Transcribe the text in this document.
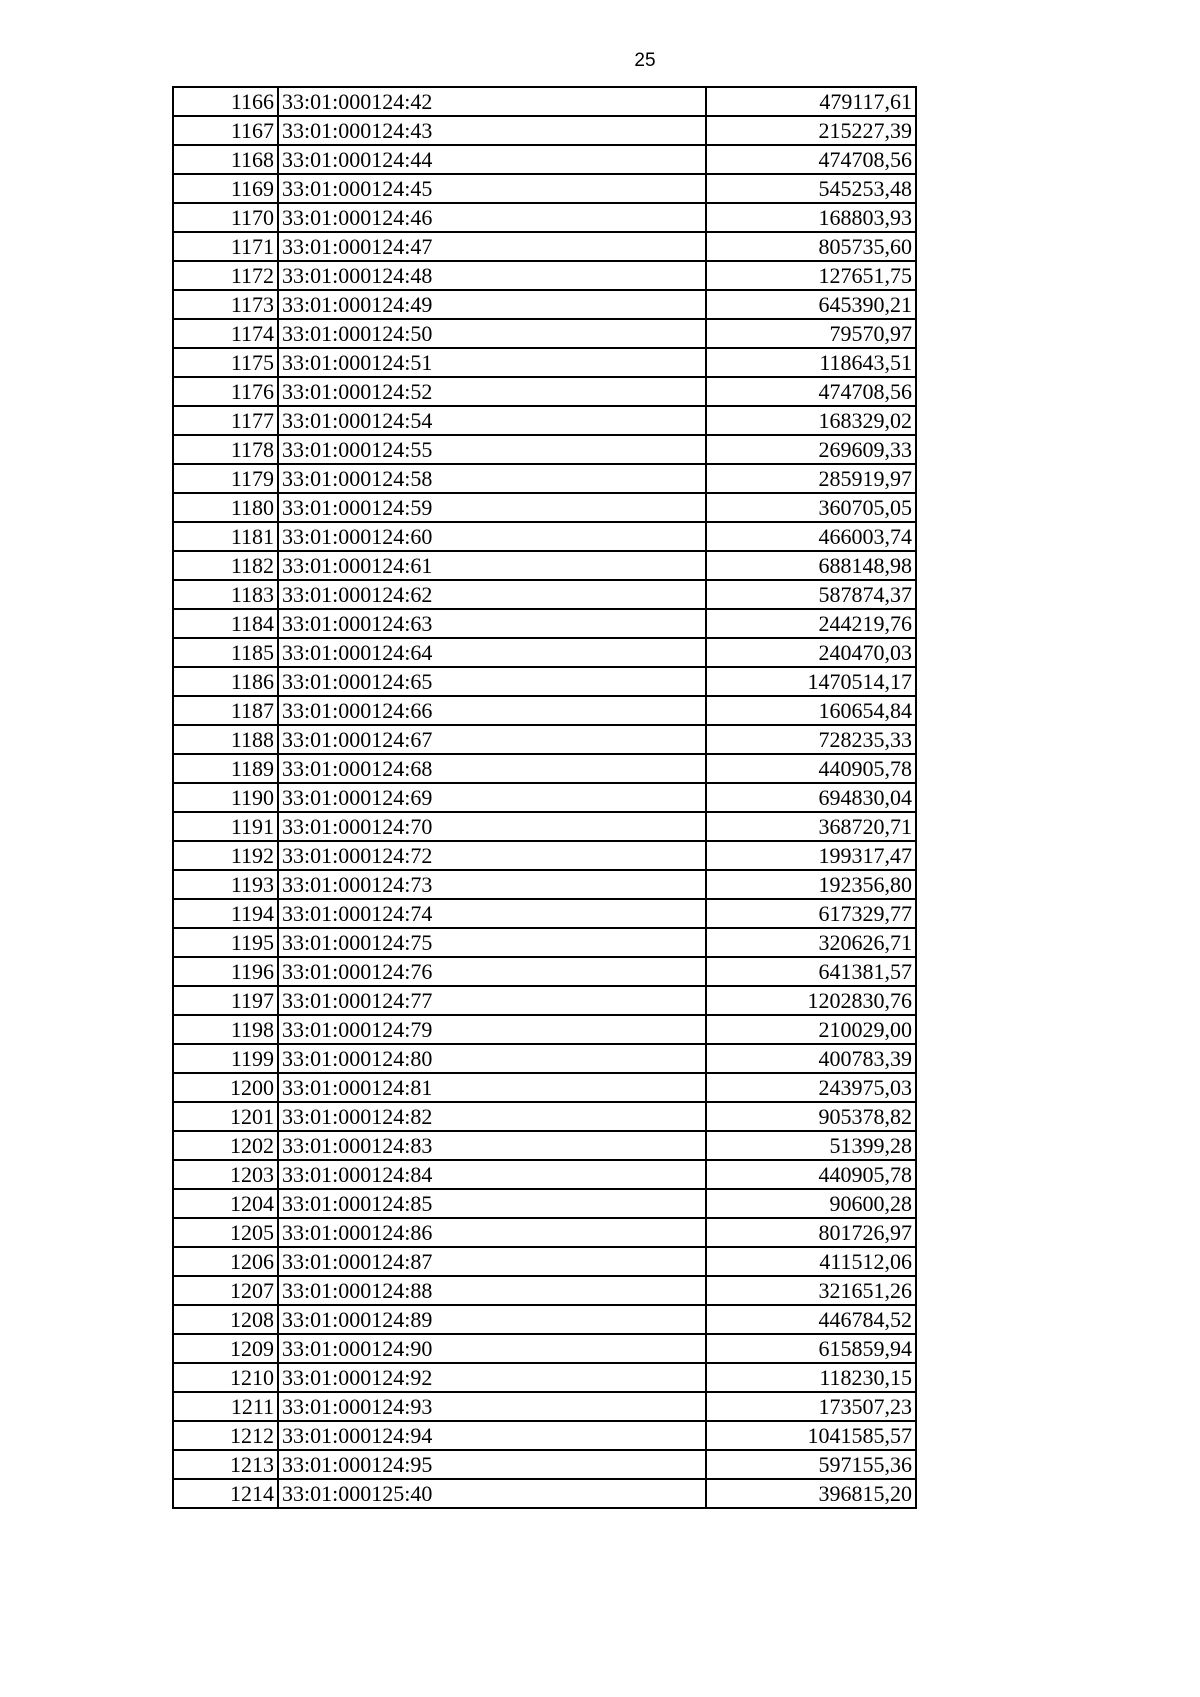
25
1166	33:01:000124:42	479117,61
1167	33:01:000124:43	215227,39
1168	33:01:000124:44	474708,56
1169	33:01:000124:45	545253,48
1170	33:01:000124:46	168803,93
1171	33:01:000124:47	805735,60
1172	33:01:000124:48	127651,75
1173	33:01:000124:49	645390,21
1174	33:01:000124:50	79570,97
1175	33:01:000124:51	118643,51
1176	33:01:000124:52	474708,56
1177	33:01:000124:54	168329,02
1178	33:01:000124:55	269609,33
1179	33:01:000124:58	285919,97
1180	33:01:000124:59	360705,05
1181	33:01:000124:60	466003,74
1182	33:01:000124:61	688148,98
1183	33:01:000124:62	587874,37
1184	33:01:000124:63	244219,76
1185	33:01:000124:64	240470,03
1186	33:01:000124:65	1470514,17
1187	33:01:000124:66	160654,84
1188	33:01:000124:67	728235,33
1189	33:01:000124:68	440905,78
1190	33:01:000124:69	694830,04
1191	33:01:000124:70	368720,71
1192	33:01:000124:72	199317,47
1193	33:01:000124:73	192356,80
1194	33:01:000124:74	617329,77
1195	33:01:000124:75	320626,71
1196	33:01:000124:76	641381,57
1197	33:01:000124:77	1202830,76
1198	33:01:000124:79	210029,00
1199	33:01:000124:80	400783,39
1200	33:01:000124:81	243975,03
1201	33:01:000124:82	905378,82
1202	33:01:000124:83	51399,28
1203	33:01:000124:84	440905,78
1204	33:01:000124:85	90600,28
1205	33:01:000124:86	801726,97
1206	33:01:000124:87	411512,06
1207	33:01:000124:88	321651,26
1208	33:01:000124:89	446784,52
1209	33:01:000124:90	615859,94
1210	33:01:000124:92	118230,15
1211	33:01:000124:93	173507,23
1212	33:01:000124:94	1041585,57
1213	33:01:000124:95	597155,36
1214	33:01:000125:40	396815,20
